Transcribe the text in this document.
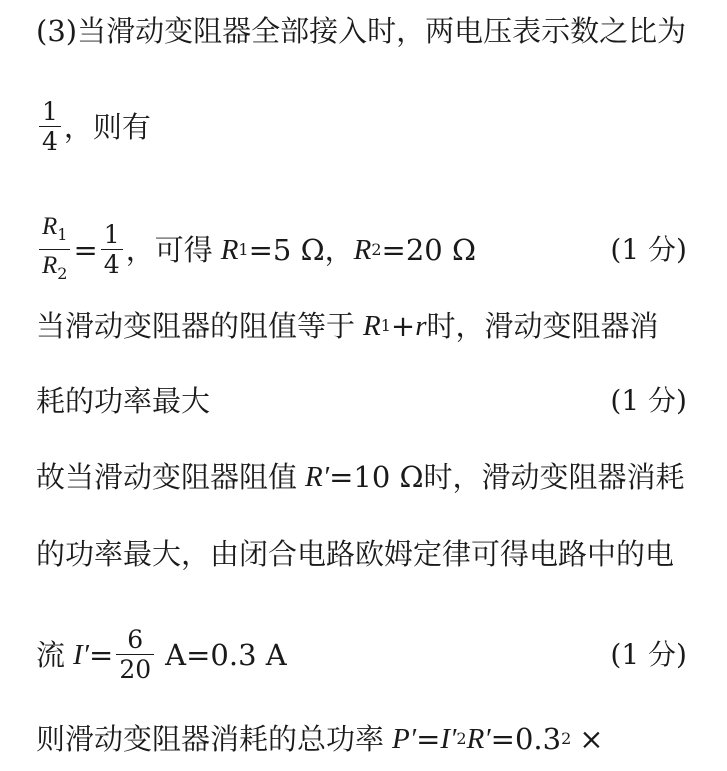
(3)当滑动变阻器全部接入时，两电压表示数之比为
$\frac{1}{4}$ ，则有
$\frac{R_1}{R_2} = \frac{1}{4}$ ，可得 R 1 =5 Ω， R 2 =20 Ω	(1 分)
当滑动变阻器的阻值等于 R 1 + r 时，滑动变阻器消
耗的功率最大	(1 分)
故当滑动变阻器阻值 R′ =10 Ω时，滑动变阻器消耗
的功率最大，由闭合电路欧姆定律可得电路中的电
流 $I' = \frac{6}{20} A=0.3$ A	(1 分)
则滑动变阻器消耗的总功率 P′ = I′ 2 R′ =0.3 2 ×
